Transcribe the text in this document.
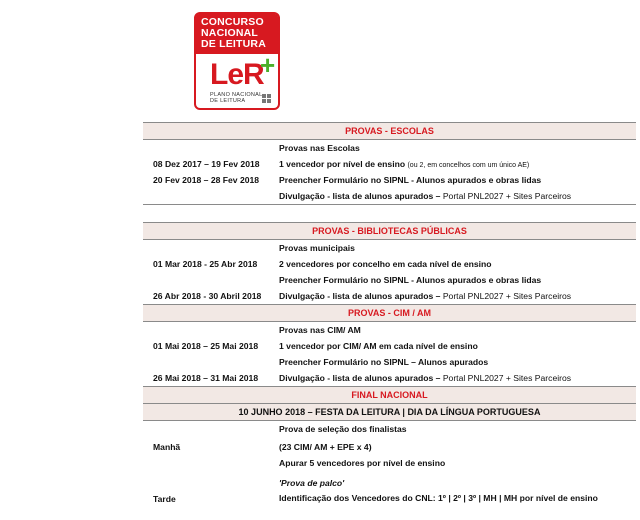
CONCURSO
NACIONAL
DE LEITURA
LeR
+
PLANO NACIONAL
DE LEITURA
PROVAS - ESCOLAS
Provas nas Escolas
08 Dez 2017 – 19 Fev 2018 1 vencedor por nível de ensino (ou 2, em concelhos com um único AE)
20 Fev 2018 – 28 Fev 2018 Preencher Formulário no SIPNL - Alunos apurados e obras lidas
Divulgação - lista de alunos apurados – Portal PNL2027 + Sites Parceiros
PROVAS - BIBLIOTECAS PÚBLICAS
Provas municipais
01 Mar 2018 - 25 Abr 2018	2 vencedores por concelho em cada nível de ensino
Preencher Formulário no SIPNL - Alunos apurados e obras lidas
26 Abr 2018 - 30 Abril 2018 Divulgação - lista de alunos apurados – Portal PNL2027 + Sites Parceiros
PROVAS - CIM / AM
Provas nas CIM/ AM
01 Mai 2018 – 25 Mai 2018 1 vencedor por CIM/ AM em cada nível de ensino
Preencher Formulário no SIPNL – Alunos apurados
26 Mai 2018 – 31 Mai 2018 Divulgação - lista de alunos apurados – Portal PNL2027 + Sites Parceiros
FINAL NACIONAL
10 JUNHO 2018 – FESTA DA LEITURA | DIA DA LÍNGUA PORTUGUESA
Prova de seleção dos finalistas
Manhã	(23 CIM/ AM + EPE x 4)
Apurar 5 vencedores por nível de ensino
'Prova de palco'
Tarde	Identificação dos Vencedores do CNL: 1º | 2º | 3º | MH | MH por nível de ensino
